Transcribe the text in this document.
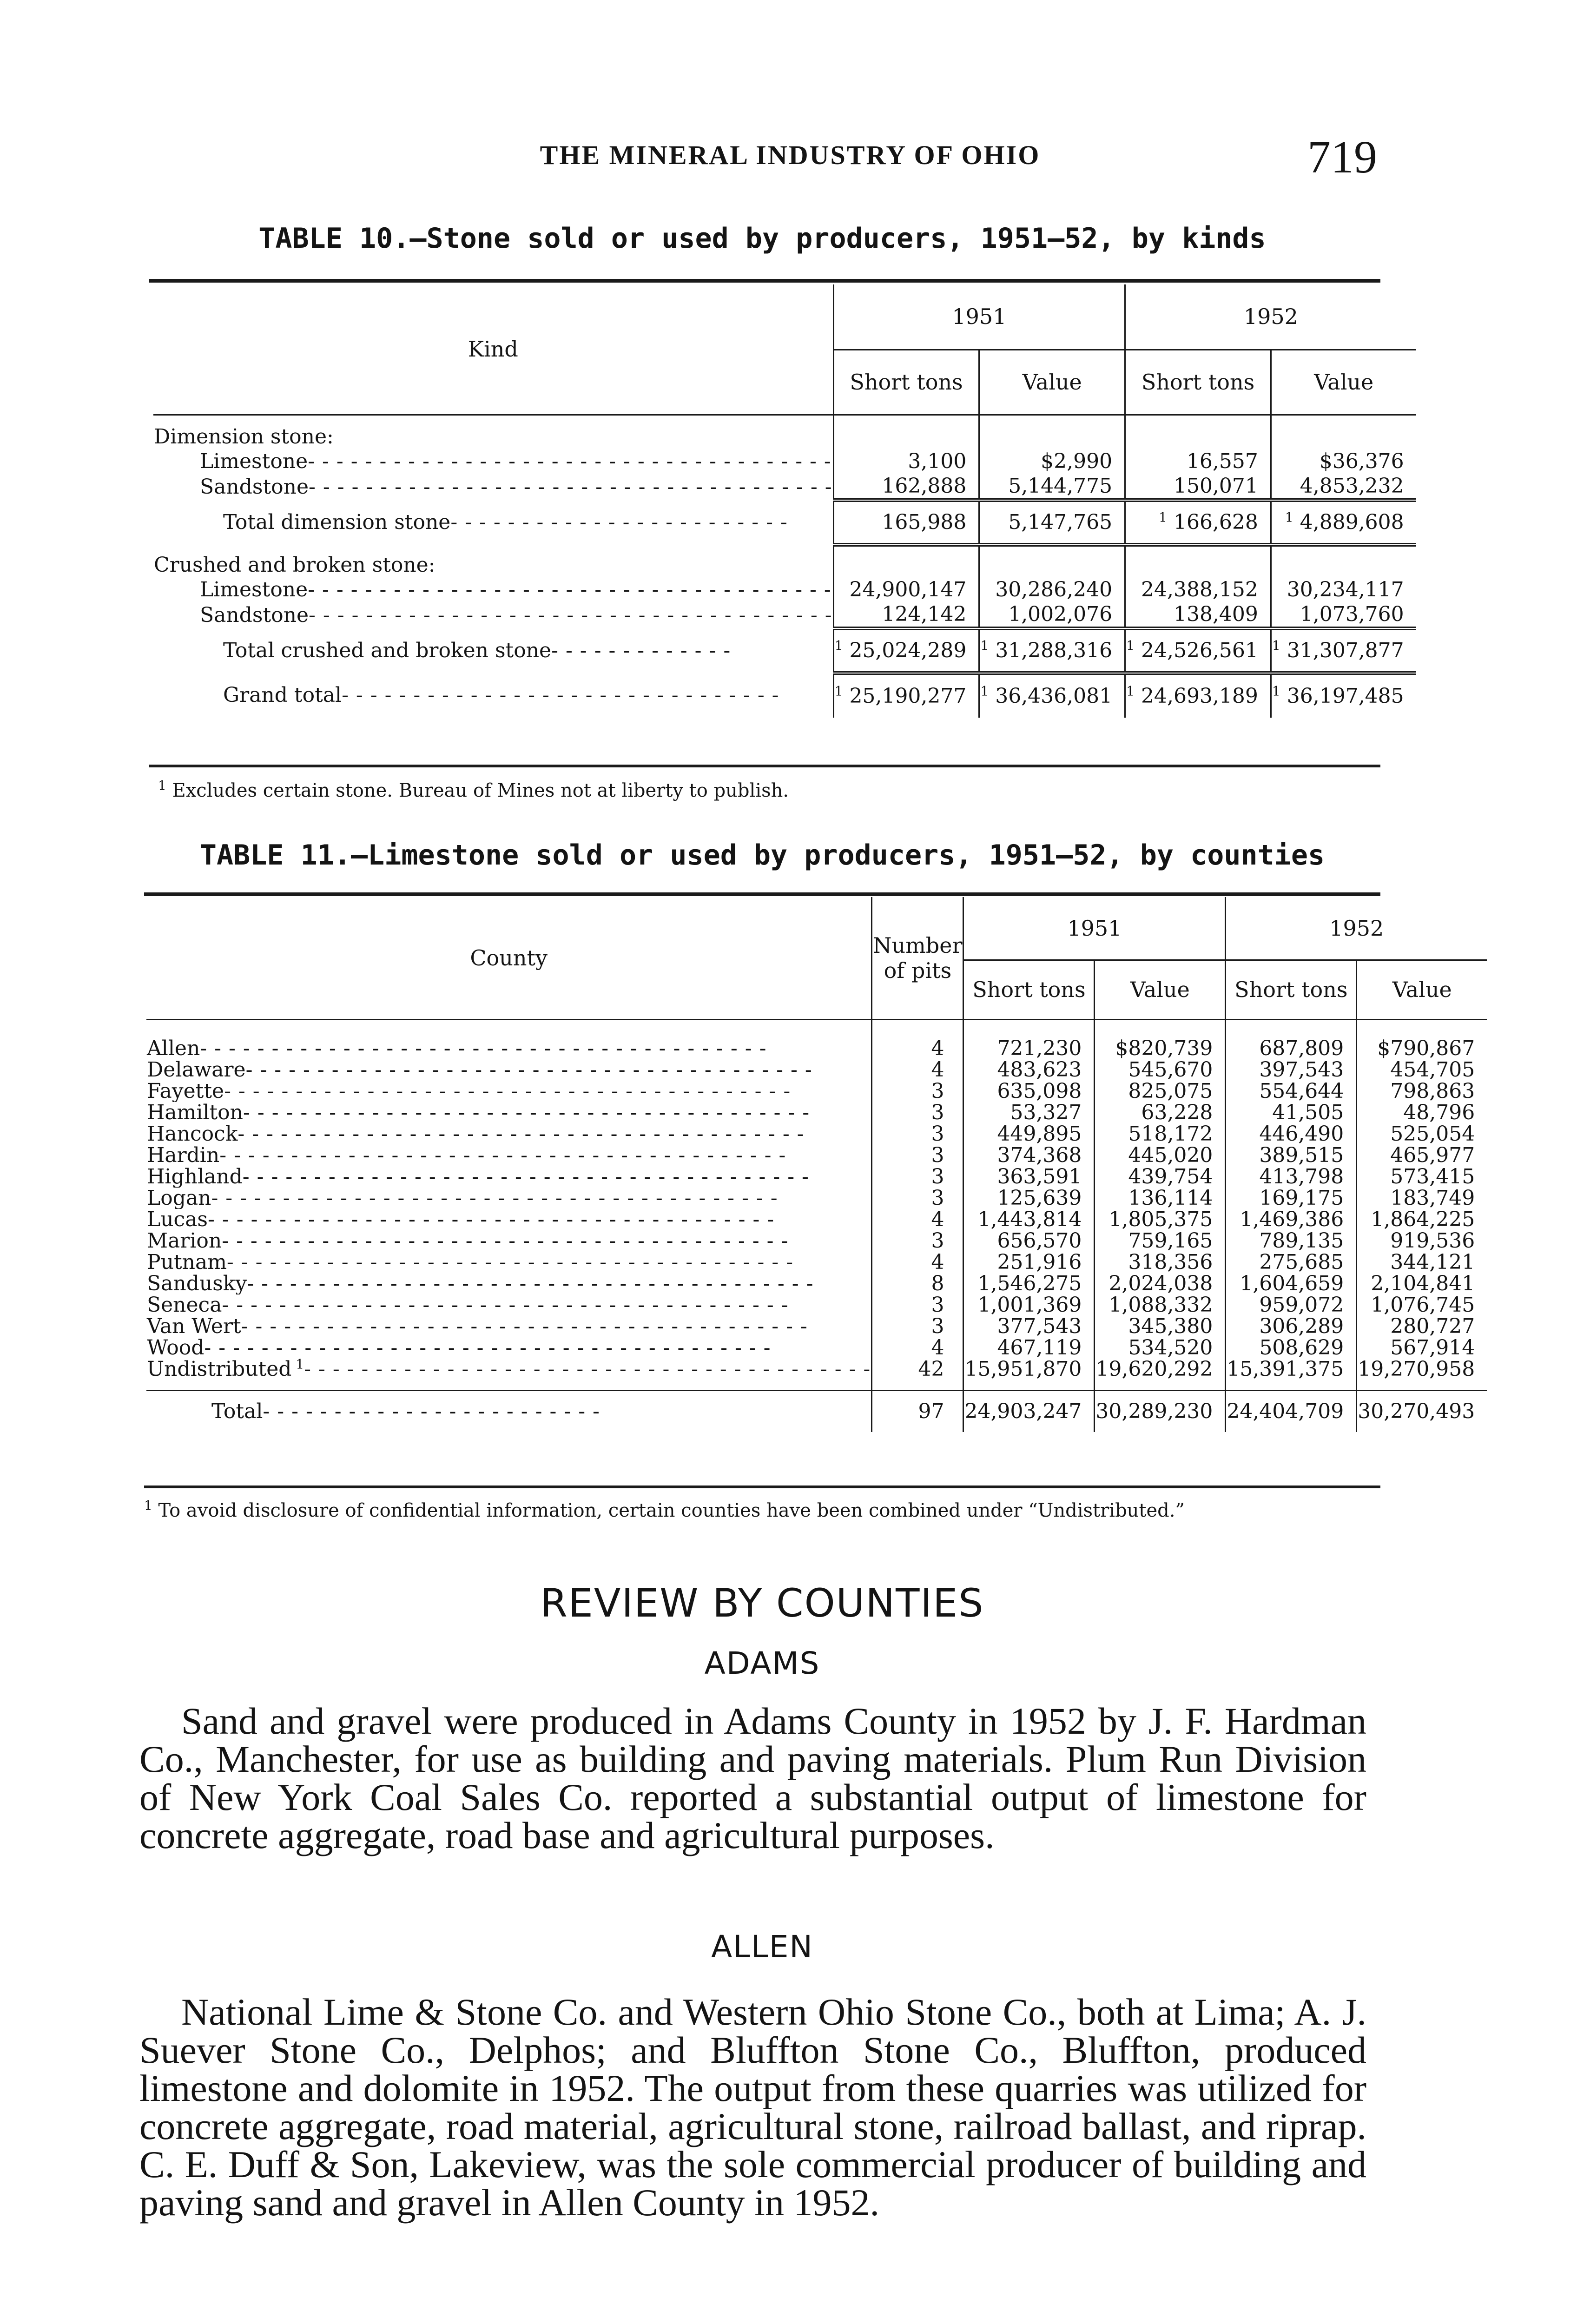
THE MINERAL INDUSTRY OF OHIO	719
TABLE 10.—Stone sold or used by producers, 1951–52, by kinds
Kind	1951		1952	
	Short tons	Value	Short tons	Value
Dimension stone:				
Limestone- - - - - - - - - - - - - - - - - - - - - - - - - - - - - - - - - - - - -	3,100	$2,990	16,557	$36,376
Sandstone- - - - - - - - - - - - - - - - - - - - - - - - - - - - - - - - - - - - -	162,888	5,144,775	150,071	4,853,232
Total dimension stone- - - - - - - - - - - - - - - - - - - - - - - -	165,988	5,147,765	$^1$ 166,628	$^1$ 4,889,608
Crushed and broken stone:				
Limestone- - - - - - - - - - - - - - - - - - - - - - - - - - - - - - - - - - - - -	24,900,147	30,286,240	24,388,152	30,234,117
Sandstone- - - - - - - - - - - - - - - - - - - - - - - - - - - - - - - - - - - - -	124,142	1,002,076	138,409	1,073,760
Total crushed and broken stone- - - - - - - - - - - - -	$^1$ 25,024,289	$^1$ 31,288,316	$^1$ 24,526,561	$^1$ 31,307,877
Grand total- - - - - - - - - - - - - - - - - - - - - - - - - - - - - - -	$^1$ 25,190,277	$^1$ 36,436,081	$^1$ 24,693,189	$^1$ 36,197,485
$^1$ Excludes certain stone. Bureau of Mines not at liberty to publish.
TABLE 11.—Limestone sold or used by producers, 1951–52, by counties
County	Number
of pits	1951		1952	
		Short tons	Value	Short tons	Value

Allen- - - - - - - - - - - - - - - - - - - - - - - - - - - - - - - - - - - - - - - -	4	721,230	$820,739	687,809	$790,867
Delaware- - - - - - - - - - - - - - - - - - - - - - - - - - - - - - - - - - - - - - - -	4	483,623	545,670	397,543	454,705
Fayette- - - - - - - - - - - - - - - - - - - - - - - - - - - - - - - - - - - - - - - -	3	635,098	825,075	554,644	798,863
Hamilton- - - - - - - - - - - - - - - - - - - - - - - - - - - - - - - - - - - - - - - -	3	53,327	63,228	41,505	48,796
Hancock- - - - - - - - - - - - - - - - - - - - - - - - - - - - - - - - - - - - - - - -	3	449,895	518,172	446,490	525,054
Hardin- - - - - - - - - - - - - - - - - - - - - - - - - - - - - - - - - - - - - - - -	3	374,368	445,020	389,515	465,977
Highland- - - - - - - - - - - - - - - - - - - - - - - - - - - - - - - - - - - - - - - -	3	363,591	439,754	413,798	573,415
Logan- - - - - - - - - - - - - - - - - - - - - - - - - - - - - - - - - - - - - - - -	3	125,639	136,114	169,175	183,749
Lucas- - - - - - - - - - - - - - - - - - - - - - - - - - - - - - - - - - - - - - - -	4	1,443,814	1,805,375	1,469,386	1,864,225
Marion- - - - - - - - - - - - - - - - - - - - - - - - - - - - - - - - - - - - - - - -	3	656,570	759,165	789,135	919,536
Putnam- - - - - - - - - - - - - - - - - - - - - - - - - - - - - - - - - - - - - - - -	4	251,916	318,356	275,685	344,121
Sandusky- - - - - - - - - - - - - - - - - - - - - - - - - - - - - - - - - - - - - - - -	8	1,546,275	2,024,038	1,604,659	2,104,841
Seneca- - - - - - - - - - - - - - - - - - - - - - - - - - - - - - - - - - - - - - - -	3	1,001,369	1,088,332	959,072	1,076,745
Van Wert- - - - - - - - - - - - - - - - - - - - - - - - - - - - - - - - - - - - - - - -	3	377,543	345,380	306,289	280,727
Wood- - - - - - - - - - - - - - - - - - - - - - - - - - - - - - - - - - - - - - - -	4	467,119	534,520	508,629	567,914
Undistributed $^1$- - - - - - - - - - - - - - - - - - - - - - - - - - - - - - - - - - - - - - - -	42	15,951,870	19,620,292	15,391,375	19,270,958

Total- - - - - - - - - - - - - - - - - - - - - - - -	97	24,903,247	30,289,230	24,404,709	30,270,493
$^1$ To avoid disclosure of confidential information, certain counties have been combined under “Undistributed.”
REVIEW BY COUNTIES
ADAMS
Sand and gravel were produced in Adams County in 1952 by J. F. Hardman Co., Manchester, for use as building and paving materials. Plum Run Division of New York Coal Sales Co. reported a substantial output of limestone for concrete aggregate, road base and agricultural purposes.
ALLEN
National Lime & Stone Co. and Western Ohio Stone Co., both at Lima; A. J. Suever Stone Co., Delphos; and Bluffton Stone Co., Bluffton, produced limestone and dolomite in 1952. The output from these quarries was utilized for concrete aggregate, road material, agricultural stone, railroad ballast, and riprap. C. E. Duff & Son, Lakeview, was the sole commercial producer of building and paving sand and gravel in Allen County in 1952.
